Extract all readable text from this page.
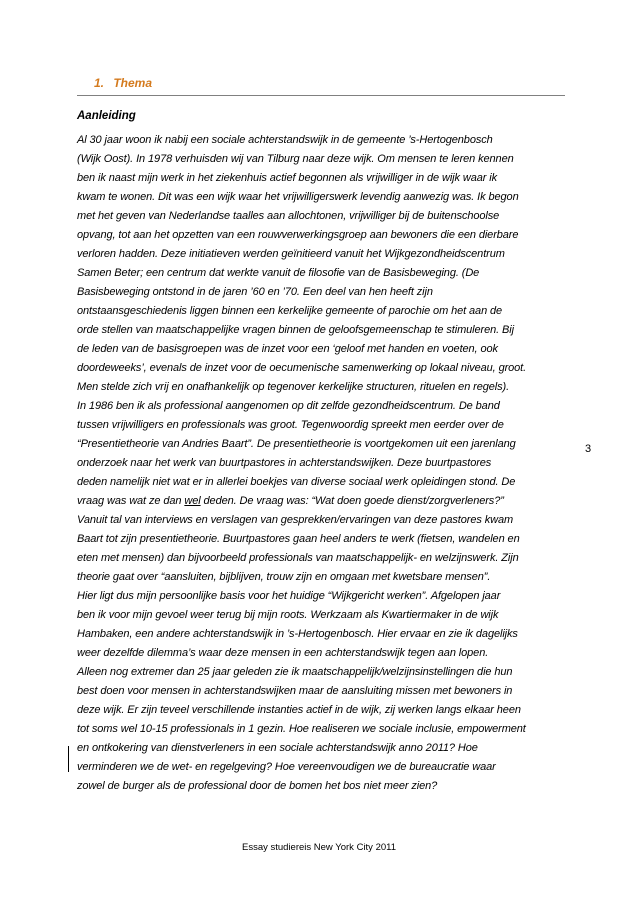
1. Thema
Aanleiding
Al 30 jaar woon ik nabij een sociale achterstandswijk in de gemeente ’s-Hertogenbosch
(Wijk Oost). In 1978 verhuisden wij van Tilburg naar deze wijk. Om mensen te leren kennen
ben ik naast mijn werk in het ziekenhuis actief begonnen als vrijwilliger in de wijk waar ik
kwam te wonen. Dit was een wijk waar het vrijwilligerswerk levendig aanwezig was. Ik begon
met het geven van Nederlandse taalles aan allochtonen, vrijwilliger bij de buitenschoolse
opvang, tot aan het opzetten van een rouwverwerkingsgroep aan bewoners die een dierbare
verloren hadden. Deze initiatieven werden geïnitieerd vanuit het Wijkgezondheidscentrum
Samen Beter; een centrum dat werkte vanuit de filosofie van de Basisbeweging. (De
Basisbeweging ontstond in de jaren ’60 en ’70. Een deel van hen heeft zijn
ontstaansgeschiedenis liggen binnen een kerkelijke gemeente of parochie om het aan de
orde stellen van maatschappelijke vragen binnen de geloofsgemeenschap te stimuleren. Bij
de leden van de basisgroepen was de inzet voor een ‘geloof met handen en voeten, ook
doordeweeks’, evenals de inzet voor de oecumenische samenwerking op lokaal niveau, groot.
Men stelde zich vrij en onafhankelijk op tegenover kerkelijke structuren, rituelen en regels).
In 1986 ben ik als professional aangenomen op dit zelfde gezondheidscentrum. De band
tussen vrijwilligers en professionals was groot. Tegenwoordig spreekt men eerder over de
“Presentietheorie van Andries Baart”. De presentietheorie is voortgekomen uit een jarenlang
onderzoek naar het werk van buurtpastores in achterstandswijken. Deze buurtpastores
deden namelijk niet wat er in allerlei boekjes van diverse sociaal werk opleidingen stond. De
vraag was wat ze dan wel deden. De vraag was: “Wat doen goede dienst/zorgverleners?”
Vanuit tal van interviews en verslagen van gesprekken/ervaringen van deze pastores kwam
Baart tot zijn presentietheorie. Buurtpastores gaan heel anders te werk (fietsen, wandelen en
eten met mensen) dan bijvoorbeeld professionals van maatschappelijk- en welzijnswerk. Zijn
theorie gaat over “aansluiten, bijblijven, trouw zijn en omgaan met kwetsbare mensen”.
Hier ligt dus mijn persoonlijke basis voor het huidige “Wijkgericht werken”. Afgelopen jaar
ben ik voor mijn gevoel weer terug bij mijn roots. Werkzaam als Kwartiermaker in de wijk
Hambaken, een andere achterstandswijk in ’s-Hertogenbosch. Hier ervaar en zie ik dagelijks
weer dezelfde dilemma’s waar deze mensen in een achterstandswijk tegen aan lopen.
Alleen nog extremer dan 25 jaar geleden zie ik maatschappelijk/welzijnsinstellingen die hun
best doen voor mensen in achterstandswijken maar de aansluiting missen met bewoners in
deze wijk. Er zijn teveel verschillende instanties actief in de wijk, zij werken langs elkaar heen
tot soms wel 10-15 professionals in 1 gezin. Hoe realiseren we sociale inclusie, empowerment
en ontkokering van dienstverleners in een sociale achterstandswijk anno 2011? Hoe
verminderen we de wet- en regelgeving? Hoe vereenvoudigen we de bureaucratie waar
zowel de burger als de professional door de bomen het bos niet meer zien?
3
Essay studiereis New York City 2011
